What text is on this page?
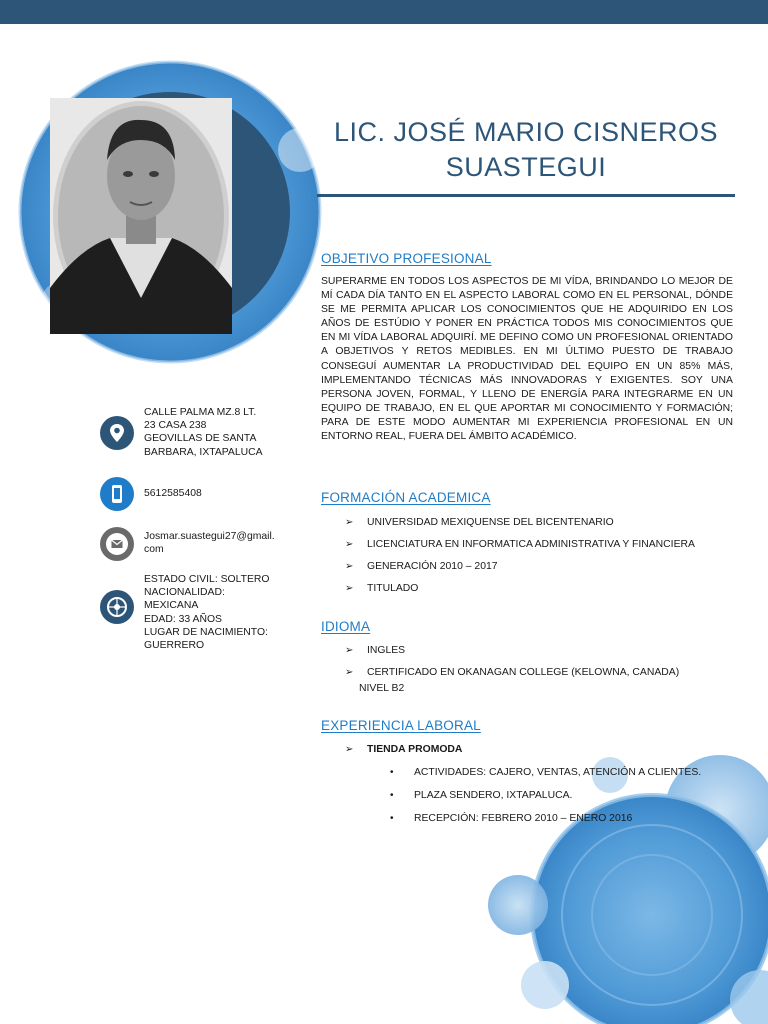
CALLE PALMA MZ.8 LT.
23 CASA 238
GEOVILLAS DE SANTA
BARBARA, IXTAPALUCA
5612585408
Josmar.suastegui27@gmail.
com
ESTADO CIVIL: SOLTERO
NACIONALIDAD: MEXICANA
EDAD: 33 AÑOS
LUGAR DE NACIMIENTO:
GUERRERO
LIC. JOSÉ MARIO CISNEROS
SUASTEGUI
OBJETIVO PROFESIONAL
SUPERARME EN TODOS LOS ASPECTOS DE MI VÍDA, BRINDANDO LO MEJOR DE MÍ CADA DÍA TANTO EN EL ASPECTO LABORAL COMO EN EL PERSONAL, DÓNDE SE ME PERMITA APLICAR LOS CONOCIMIENTOS QUE HE ADQUIRIDO EN LOS AÑOS DE ESTÚDIO Y PONER EN PRÁCTICA TODOS MIS CONOCIMIENTOS QUE EN MI VÍDA LABORAL ADQUIRÍ. ME DEFINO COMO UN PROFESIONAL ORIENTADO A OBJETIVOS Y RETOS MEDIBLES. EN MI ÚLTIMO PUESTO DE TRABAJO CONSEGUÍ AUMENTAR LA PRODUCTIVIDAD DEL EQUIPO EN UN 85% MÁS, IMPLEMENTANDO TÉCNICAS MÁS INNOVADORAS Y EXIGENTES. SOY UNA PERSONA JOVEN, FORMAL, Y LLENO DE ENERGÍA PARA INTEGRARME EN UN EQUIPO DE TRABAJO, EN EL QUE APORTAR MI CONOCIMIENTO Y FORMACIÓN; PARA DE ESTE MODO AUMENTAR MI EXPERIENCIA PROFESIONAL EN UN ENTORNO REAL, FUERA DEL ÁMBITO ACADÉMICO.
FORMACIÓN ACADEMICA
➢ UNIVERSIDAD MEXIQUENSE DEL BICENTENARIO
➢ LICENCIATURA EN INFORMATICA ADMINISTRATIVA Y FINANCIERA
➢ GENERACIÓN 2010 – 2017
➢ TITULADO
IDIOMA
➢ INGLES
➢ CERTIFICADO EN OKANAGAN COLLEGE (KELOWNA, CANADA)
NIVEL B2
EXPERIENCIA LABORAL
➢ TIENDA PROMODA
• ACTIVIDADES: CAJERO, VENTAS, ATENCIÓN A CLIENTES.
• PLAZA SENDERO, IXTAPALUCA.
• RECEPCIÓN: FEBRERO 2010 – ENERO 2016
